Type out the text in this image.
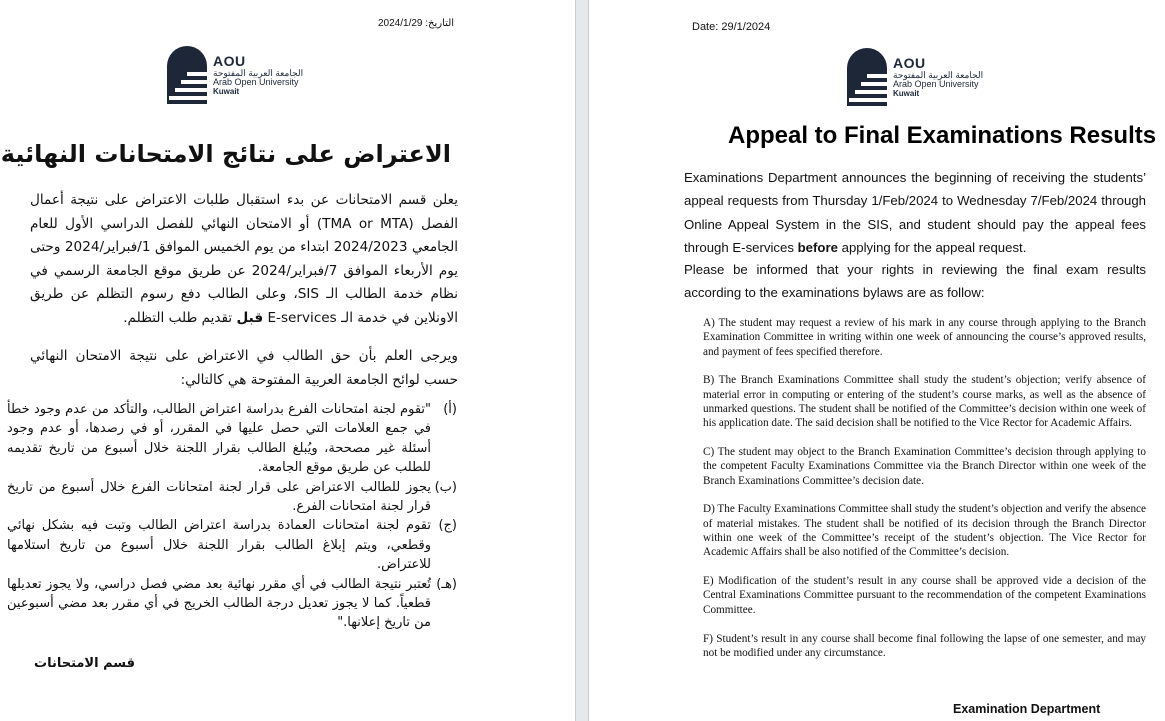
التاريخ: 2024/1/29
AOU
الجامعة العربية المفتوحة
Arab Open University
Kuwait
الاعتراض على نتائج الامتحانات النهائية
يعلن قسم الامتحانات عن بدء استقبال طلبات الاعتراض على نتيجة أعمال الفصل (TMA or MTA) أو الامتحان النهائي للفصل الدراسي الأول للعام الجامعي 2024/2023 ابتداء من يوم الخميس الموافق 1/فبراير/2024 وحتى يوم الأربعاء الموافق 7/فبراير/2024 عن طريق موقع الجامعة الرسمي في نظام خدمة الطالب الـ SIS، وعلى الطالب دفع رسوم التظلم عن طريق الاونلاين في خدمة الـ E-services قبل تقديم طلب التظلم.
ويرجى العلم بأن حق الطالب في الاعتراض على نتيجة الامتحان النهائي حسب لوائح الجامعة العربية المفتوحة هي كالتالي:
(أ)
"تقوم لجنة امتحانات الفرع بدراسة اعتراض الطالب، والتأكد من عدم وجود خطأ في جمع العلامات التي حصل عليها في المقرر، أو في رصدها، أو عدم وجود أسئلة غير مصححة، ويُبلغ الطالب بقرار اللجنة خلال أسبوع من تاريخ تقديمه للطلب عن طريق موقع الجامعة.
(ب)
يجوز للطالب الاعتراض على قرار لجنة امتحانات الفرع خلال أسبوع من تاريخ قرار لجنة امتحانات الفرع.
(ج)
تقوم لجنة امتحانات العمادة بدراسة اعتراض الطالب وتبت فيه بشكل نهائي وقطعي، ويتم إبلاغ الطالب بقرار اللجنة خلال أسبوع من تاريخ استلامها للاعتراض.
(هـ)
تُعتبر نتيجة الطالب في أي مقرر نهائية بعد مضي فصل دراسي، ولا يجوز تعديلها قطعياً. كما لا يجوز تعديل درجة الطالب الخريج في أي مقرر بعد مضي أسبوعين من تاريخ إعلانها."
قسم الامتحانات
Date: 29/1/2024
AOU
الجامعة العربية المفتوحة
Arab Open University
Kuwait
Appeal to Final Examinations Results
Examinations Department announces the beginning of receiving the students’ appeal requests from Thursday 1/Feb/2024 to Wednesday 7/Feb/2024 through Online Appeal System in the SIS, and student should pay the appeal fees through E-services before applying for the appeal request.
Please be informed that your rights in reviewing the final exam results according to the examinations bylaws are as follow:
A) The student may request a review of his mark in any course through applying to the Branch Examination Committee in writing within one week of announcing the course’s approved results, and payment of fees specified therefore.
B) The Branch Examinations Committee shall study the student’s objection; verify absence of material error in computing or entering of the student’s course marks, as well as the absence of unmarked questions. The student shall be notified of the Committee’s decision within one week of his application date. The said decision shall be notified to the Vice Rector for Academic Affairs.
C) The student may object to the Branch Examination Committee’s decision through applying to the competent Faculty Examinations Committee via the Branch Director within one week of the Branch Examinations Committee’s decision date.
D) The Faculty Examinations Committee shall study the student’s objection and verify the absence of material mistakes. The student shall be notified of its decision through the Branch Director within one week of the Committee’s receipt of the student’s objection. The Vice Rector for Academic Affairs shall be also notified of the Committee’s decision.
E) Modification of the student’s result in any course shall be approved vide a decision of the Central Examinations Committee pursuant to the recommendation of the competent Examinations Committee.
F) Student’s result in any course shall become final following the lapse of one semester, and may not be modified under any circumstance.
Examination Department
